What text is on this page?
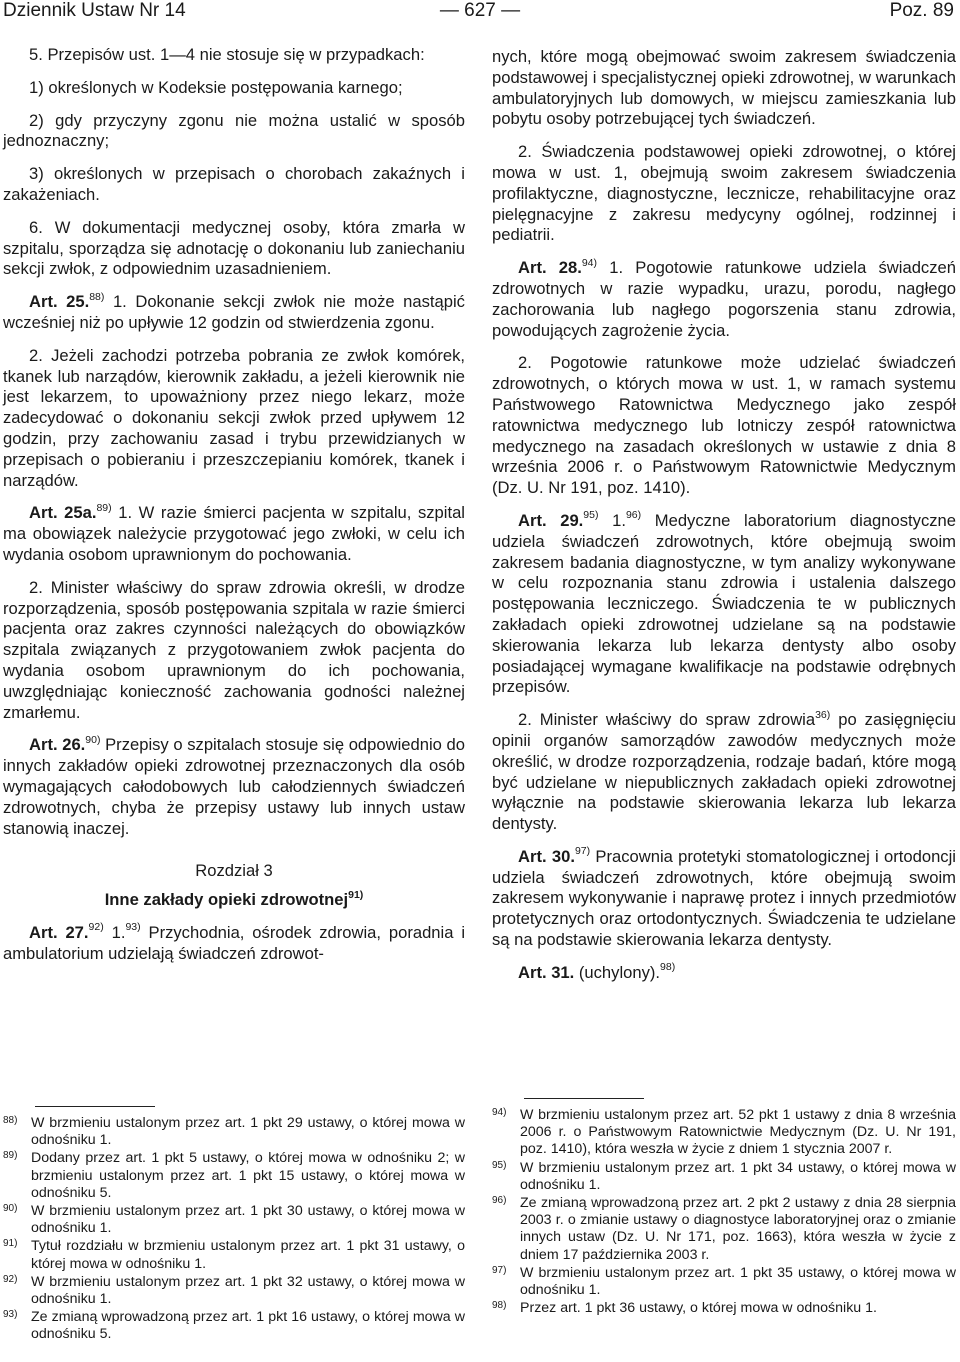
Dziennik Ustaw Nr 14	— 627 —	Poz. 89

5. Przepisów ust. 1—4 nie stosuje się w przypadkach:

1) określonych w Kodeksie postępowania karnego;

2) gdy przyczyny zgonu nie można ustalić w sposób jednoznaczny;

3) określonych w przepisach o chorobach zakaźnych i zakażeniach.

6. W dokumentacji medycznej osoby, która zmarła w szpitalu, sporządza się adnotację o dokonaniu lub zaniechaniu sekcji zwłok, z odpowiednim uzasadnieniem.

Art. 25.$^{88)}$ 1. Dokonanie sekcji zwłok nie może nastąpić wcześniej niż po upływie 12 godzin od stwierdzenia zgonu.

2. Jeżeli zachodzi potrzeba pobrania ze zwłok komórek, tkanek lub narządów, kierownik zakładu, a jeżeli kierownik nie jest lekarzem, to upoważniony przez niego lekarz, może zadecydować o dokonaniu sekcji zwłok przed upływem 12 godzin, przy zachowaniu zasad i trybu przewidzianych w przepisach o pobieraniu i przeszczepianiu komórek, tkanek i narządów.

Art. 25a.$^{89)}$ 1. W razie śmierci pacjenta w szpitalu, szpital ma obowiązek należycie przygotować jego zwłoki, w celu ich wydania osobom uprawnionym do pochowania.

2. Minister właściwy do spraw zdrowia określi, w drodze rozporządzenia, sposób postępowania szpitala w razie śmierci pacjenta oraz zakres czynności należących do obowiązków szpitala związanych z przygotowaniem zwłok pacjenta do wydania osobom uprawnionym do ich pochowania, uwzględniając konieczność zachowania godności należnej zmarłemu.

Art. 26.$^{90)}$ Przepisy o szpitalach stosuje się odpowiednio do innych zakładów opieki zdrowotnej przeznaczonych dla osób wymagających całodobowych lub całodziennych świadczeń zdrowotnych, chyba że przepisy ustawy lub innych ustaw stanowią inaczej.

Rozdział 3

Inne zakłady opieki zdrowotnej$^{91)}$

Art. 27.$^{92)}$ 1.$^{93)}$ Przychodnia, ośrodek zdrowia, poradnia i ambulatorium udzielają świadczeń zdrowot-

nych, które mogą obejmować swoim zakresem świadczenia podstawowej i specjalistycznej opieki zdrowotnej, w warunkach ambulatoryjnych lub domowych, w miejscu zamieszkania lub pobytu osoby potrzebującej tych świadczeń.

2. Świadczenia podstawowej opieki zdrowotnej, o której mowa w ust. 1, obejmują swoim zakresem świadczenia profilaktyczne, diagnostyczne, lecznicze, rehabilitacyjne oraz pielęgnacyjne z zakresu medycyny ogólnej, rodzinnej i pediatrii.

Art. 28.$^{94)}$ 1. Pogotowie ratunkowe udziela świadczeń zdrowotnych w razie wypadku, urazu, porodu, nagłego zachorowania lub nagłego pogorszenia stanu zdrowia, powodujących zagrożenie życia.

2. Pogotowie ratunkowe może udzielać świadczeń zdrowotnych, o których mowa w ust. 1, w ramach systemu Państwowego Ratownictwa Medycznego jako zespół ratownictwa medycznego lub lotniczy zespół ratownictwa medycznego na zasadach określonych w ustawie z dnia 8 września 2006 r. o Państwowym Ratownictwie Medycznym (Dz. U. Nr 191, poz. 1410).

Art. 29.$^{95)}$ 1.$^{96)}$ Medyczne laboratorium diagnostyczne udziela świadczeń zdrowotnych, które obejmują swoim zakresem badania diagnostyczne, w tym analizy wykonywane w celu rozpoznania stanu zdrowia i ustalenia dalszego postępowania leczniczego. Świadczenia te w publicznych zakładach opieki zdrowotnej udzielane są na podstawie skierowania lekarza lub lekarza dentysty albo osoby posiadającej wymagane kwalifikacje na podstawie odrębnych przepisów.

2. Minister właściwy do spraw zdrowia$^{36)}$ po zasięgnięciu opinii organów samorządów zawodów medycznych może określić, w drodze rozporządzenia, rodzaje badań, które mogą być udzielane w niepublicznych zakładach opieki zdrowotnej wyłącznie na podstawie skierowania lekarza lub lekarza dentysty.

Art. 30.$^{97)}$ Pracownia protetyki stomatologicznej i ortodoncji udziela świadczeń zdrowotnych, które obejmują swoim zakresem wykonywanie i naprawę protez i innych przedmiotów protetycznych oraz ortodontycznych. Świadczenia te udzielane są na podstawie skierowania lekarza dentysty.

Art. 31. (uchylony).$^{98)}$

88) W brzmieniu ustalonym przez art. 1 pkt 29 ustawy, o której mowa w odnośniku 1.
89) Dodany przez art. 1 pkt 5 ustawy, o której mowa w odnośniku 2; w brzmieniu ustalonym przez art. 1 pkt 15 ustawy, o której mowa w odnośniku 5.
90) W brzmieniu ustalonym przez art. 1 pkt 30 ustawy, o której mowa w odnośniku 1.
91) Tytuł rozdziału w brzmieniu ustalonym przez art. 1 pkt 31 ustawy, o której mowa w odnośniku 1.
92) W brzmieniu ustalonym przez art. 1 pkt 32 ustawy, o której mowa w odnośniku 1.
93) Ze zmianą wprowadzoną przez art. 1 pkt 16 ustawy, o której mowa w odnośniku 5.
94) W brzmieniu ustalonym przez art. 52 pkt 1 ustawy z dnia 8 września 2006 r. o Państwowym Ratownictwie Medycznym (Dz. U. Nr 191, poz. 1410), która weszła w życie z dniem 1 stycznia 2007 r.
95) W brzmieniu ustalonym przez art. 1 pkt 34 ustawy, o której mowa w odnośniku 1.
96) Ze zmianą wprowadzoną przez art. 2 pkt 2 ustawy z dnia 28 sierpnia 2003 r. o zmianie ustawy o diagnostyce laboratoryjnej oraz o zmianie innych ustaw (Dz. U. Nr 171, poz. 1663), która weszła w życie z dniem 17 października 2003 r.
97) W brzmieniu ustalonym przez art. 1 pkt 35 ustawy, o której mowa w odnośniku 1.
98) Przez art. 1 pkt 36 ustawy, o której mowa w odnośniku 1.
